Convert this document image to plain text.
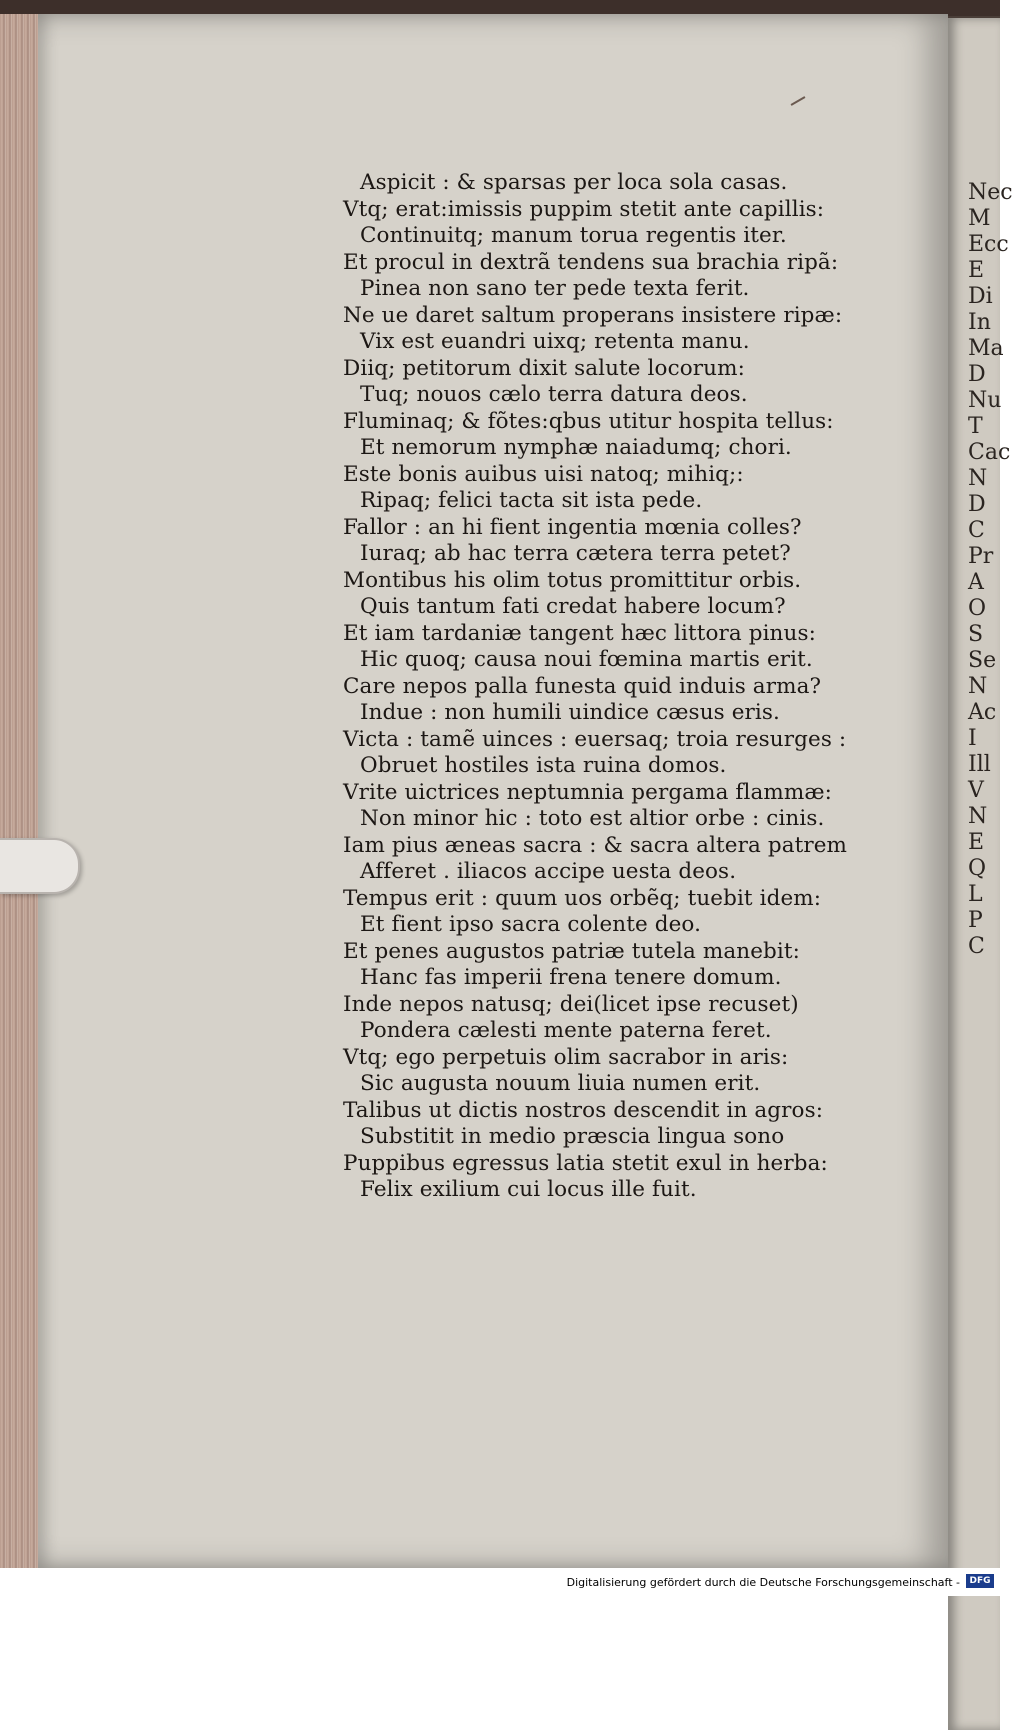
Aspicit : & sparsas per loca sola casas.
Vtq; erat:imissis puppim stetit ante capillis:
Continuitq; manum torua regentis iter.
Et procul in dextrã tendens sua brachia ripã:
Pinea non sano ter pede texta ferit.
Ne ue daret saltum properans insistere ripæ:
Vix est euandri uixq; retenta manu.
Diiq; petitorum dixit salute locorum:
Tuq; nouos cælo terra datura deos.
Fluminaq; & fõtes:qbus utitur hospita tellus:
Et nemorum nymphæ naiadumq; chori.
Este bonis auibus uisi natoq; mihiq;:
Ripaq; felici tacta sit ista pede.
Fallor : an hi fient ingentia mœnia colles?
Iuraq; ab hac terra cætera terra petet?
Montibus his olim totus promittitur orbis.
Quis tantum fati credat habere locum?
Et iam tardaniæ tangent hæc littora pinus:
Hic quoq; causa noui fœmina martis erit.
Care nepos palla funesta quid induis arma?
Indue : non humili uindice cæsus eris.
Victa : tamẽ uinces : euersaq; troia resurges :
Obruet hostiles ista ruina domos.
Vrite uictrices neptumnia pergama flammæ:
Non minor hic : toto est altior orbe : cinis.
Iam pius æneas sacra : & sacra altera patrem
Afferet . iliacos accipe uesta deos.
Tempus erit : quum uos orbẽq; tuebit idem:
Et fient ipso sacra colente deo.
Et penes augustos patriæ tutela manebit:
Hanc fas imperii frena tenere domum.
Inde nepos natusq; dei(licet ipse recuset)
Pondera cælesti mente paterna feret.
Vtq; ego perpetuis olim sacrabor in aris:
Sic augusta nouum liuia numen erit.
Talibus ut dictis nostros descendit in agros:
Substitit in medio præscia lingua sono
Puppibus egressus latia stetit exul in herba:
Felix exilium cui locus ille fuit.
Nec
M
Ecc
E
Di
In
Ma
D
Nu
T
Cac
N
D
C
Pr
A
O
S
Se
N
Ac
I
Ill
V
N
E
Q
L
P
C
Digitalisierung gefördert durch die Deutsche Forschungsgemeinschaft -	DFG
